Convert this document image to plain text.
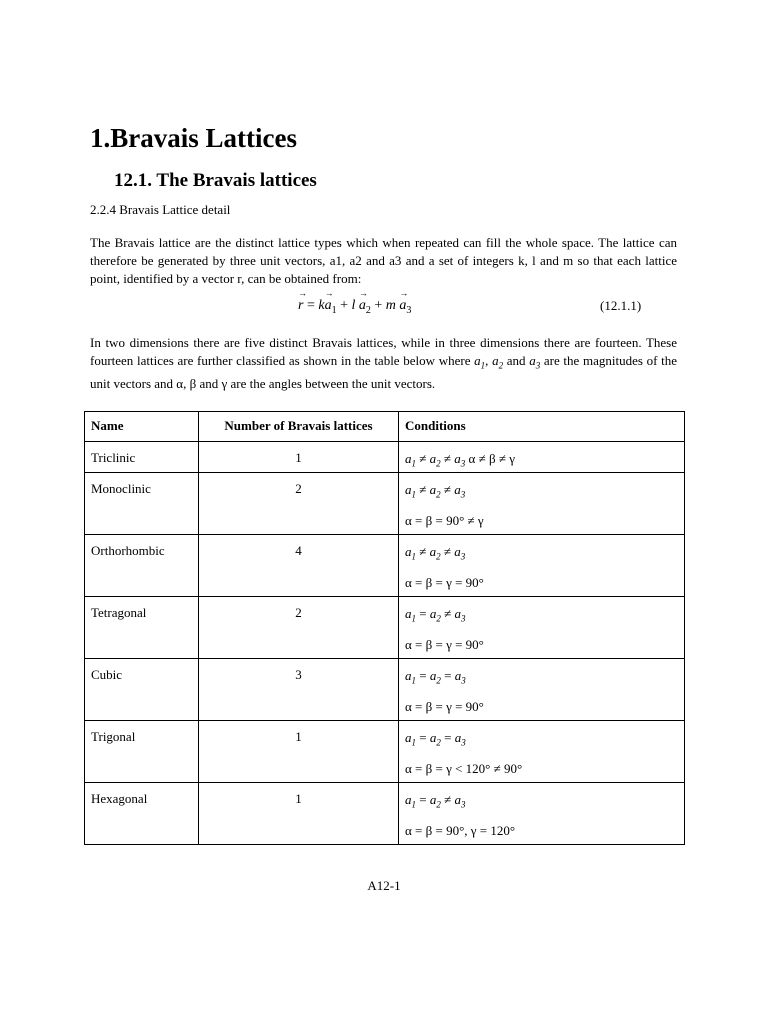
1.Bravais Lattices
12.1. The Bravais lattices

2.2.4 Bravais Lattice detail

The Bravais lattice are the distinct lattice types which when repeated can fill the whole space. The lattice can therefore be generated by three unit vectors, a1, a2 and a3 and a set of integers k, l and m so that each lattice point, identified by a vector r, can be obtained from:

→ $r = k\to a_1 + l \to a_2 + m \to a_3$	(12.1.1)

In two dimensions there are five distinct Bravais lattices, while in three dimensions there are fourteen. These fourteen lattices are further classified as shown in the table below where $a_1$, $a_2$ and $a_3$ are the magnitudes of the unit vectors and α, β and γ are the angles between the unit vectors.

Name	Number of Bravais lattices	Conditions
Triclinic	1	$a_1 \ne a_2 \ne a_3$ α ≠ β ≠ γ

Monoclinic	2	$a_1 \ne a_2 \ne a_3$
α = β = 90° ≠ γ

Orthorhombic	4	$a_1 \ne a_2 \ne a_3$
α = β = γ = 90°

Tetragonal	2	$a_1 = a_2 \ne a_3$
α = β = γ = 90°

Cubic	3	$a_1 = a_2 = a_3$
α = β = γ = 90°

Trigonal	1	$a_1 = a_2 = a_3$
α = β = γ < 120° ≠ 90°

Hexagonal	1	$a_1 = a_2 \ne a_3$
α = β = 90°, γ = 120°
A12-1
